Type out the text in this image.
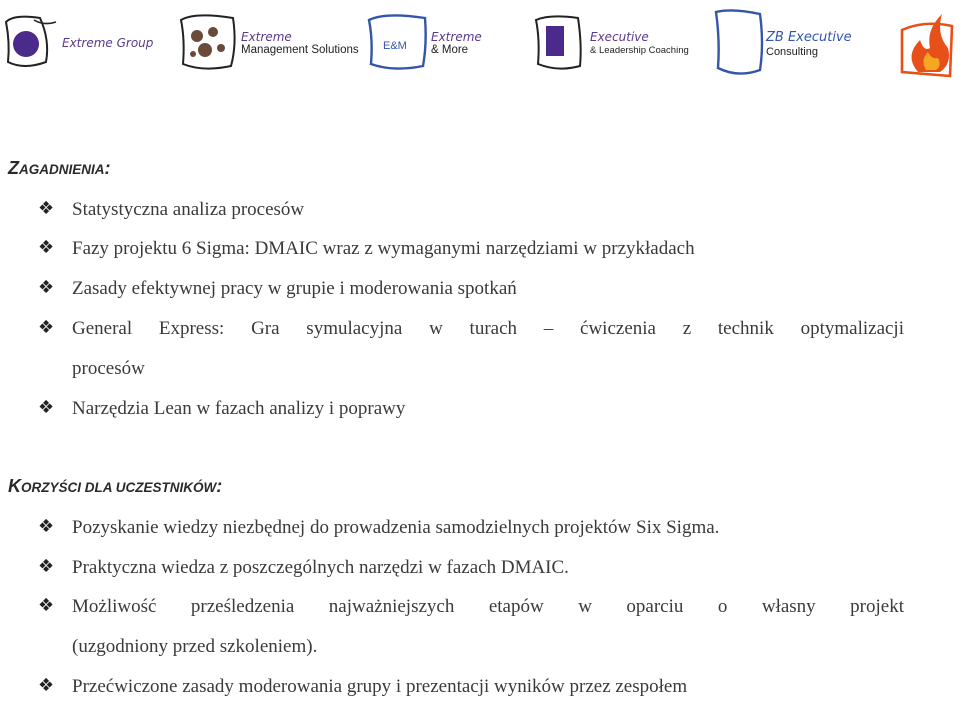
Extreme Group	Extreme
Management Solutions E&M
Extreme
& More
Executive
& Leadership Coaching
ZB Executive
Consulting
ZAGADNIENIA:
❖ Statystyczna analiza procesów
❖ Fazy projektu 6 Sigma: DMAIC wraz z wymaganymi narzędziami w przykładach
❖ Zasady efektywnej pracy w grupie i moderowania spotkań
❖ General Express: Gra symulacyjna w turach – ćwiczenia z technik optymalizacji
procesów
❖ Narzędzia Lean w fazach analizy i poprawy
KORZYŚCI DLA UCZESTNIKÓW:
❖ Pozyskanie wiedzy niezbędnej do prowadzenia samodzielnych projektów Six Sigma.
❖ Praktyczna wiedza z poszczególnych narzędzi w fazach DMAIC.
❖ Możliwość prześledzenia najważniejszych etapów w oparciu o własny projekt
(uzgodniony przed szkoleniem).
❖ Przećwiczone zasady moderowania grupy i prezentacji wyników przez zespołem
